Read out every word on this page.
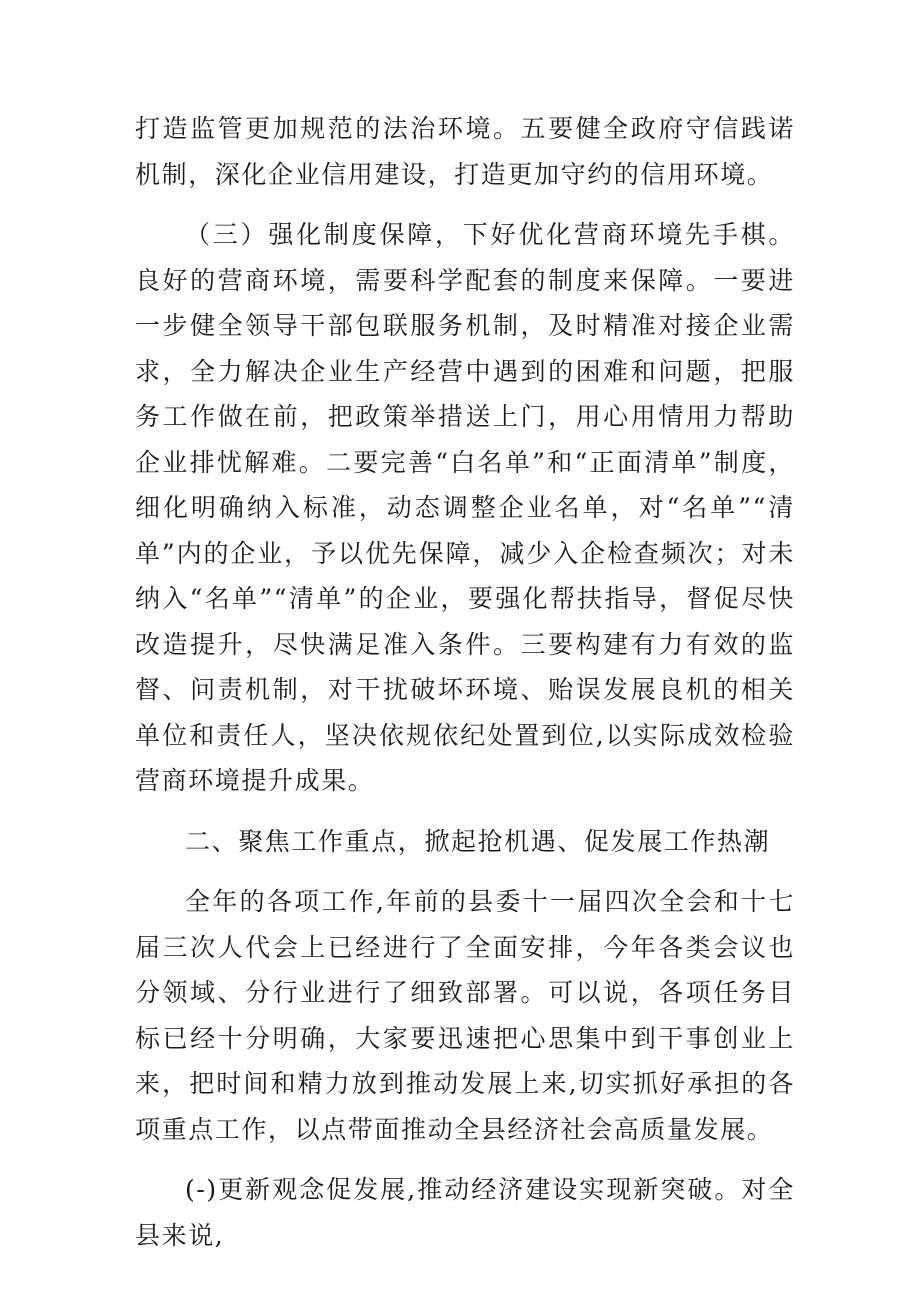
打造监管更加规范的法治环境。五要健全政府守信践诺机制，深化企业信用建设，打造更加守约的信用环境。

（三）强化制度保障，下好优化营商环境先手棋。良好的营商环境，需要科学配套的制度来保障。一要进一步健全领导干部包联服务机制，及时精准对接企业需求，全力解决企业生产经营中遇到的困难和问题，把服务工作做在前，把政策举措送上门，用心用情用力帮助企业排忧解难。二要完善“白名单”和“正面清单”制度，细化明确纳入标准，动态调整企业名单，对“名单”“清单”内的企业，予以优先保障，减少入企检查频次；对未纳入“名单”“清单”的企业，要强化帮扶指导，督促尽快改造提升，尽快满足准入条件。三要构建有力有效的监督、问责机制，对干扰破坏环境、贻误发展良机的相关单位和责任人，坚决依规依纪处置到位,以实际成效检验营商环境提升成果。

二、聚焦工作重点，掀起抢机遇、促发展工作热潮

全年的各项工作,年前的县委十一届四次全会和十七届三次人代会上已经进行了全面安排，今年各类会议也分领域、分行业进行了细致部署。可以说，各项任务目标已经十分明确，大家要迅速把心思集中到干事创业上来，把时间和精力放到推动发展上来,切实抓好承担的各项重点工作，以点带面推动全县经济社会高质量发展。

(-)更新观念促发展,推动经济建设实现新突破。对全县来说,
